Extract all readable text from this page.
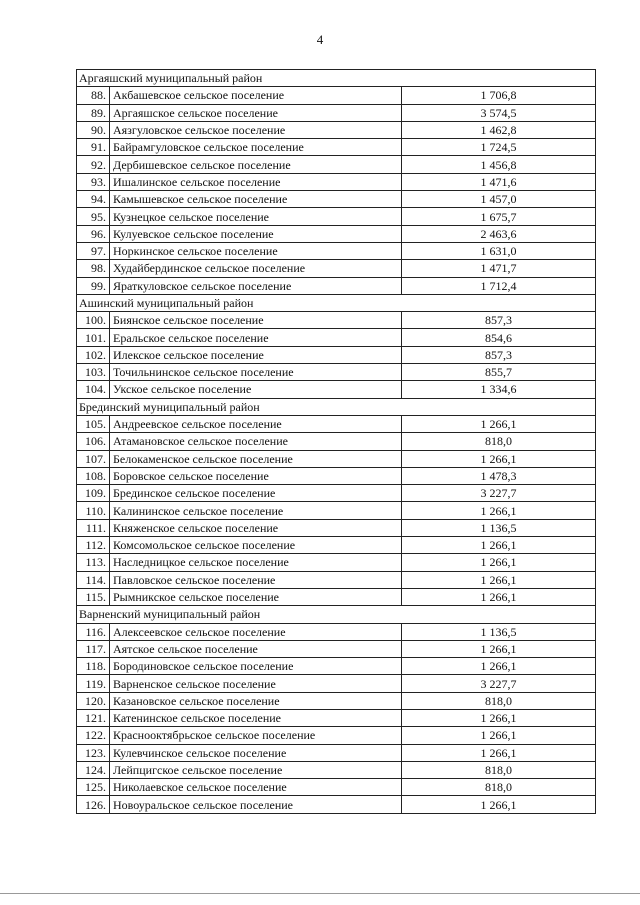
4
Аргаяшский муниципальный район		
88.	Акбашевское сельское поселение	1 706,8
89.	Аргаяшское сельское поселение	3 574,5
90.	Аязгуловское сельское поселение	1 462,8
91.	Байрамгуловское сельское поселение	1 724,5
92.	Дербишевское сельское поселение	1 456,8
93.	Ишалинское сельское поселение	1 471,6
94.	Камышевское сельское поселение	1 457,0
95.	Кузнецкое сельское поселение	1 675,7
96.	Кулуевское сельское поселение	2 463,6
97.	Норкинское сельское поселение	1 631,0
98.	Худайбердинское сельское поселение	1 471,7
99.	Яраткуловское сельское поселение	1 712,4
Ашинский муниципальный район		
100.	Биянское сельское поселение	857,3
101.	Еральское сельское поселение	854,6
102.	Илекское сельское поселение	857,3
103.	Точильнинское сельское поселение	855,7
104.	Укское сельское поселение	1 334,6
Брединский муниципальный район		
105.	Андреевское сельское поселение	1 266,1
106.	Атамановское сельское поселение	818,0
107.	Белокаменское сельское поселение	1 266,1
108.	Боровское сельское поселение	1 478,3
109.	Брединское сельское поселение	3 227,7
110.	Калининское сельское поселение	1 266,1
111.	Княженское сельское поселение	1 136,5
112.	Комсомольское сельское поселение	1 266,1
113.	Наследницкое сельское поселение	1 266,1
114.	Павловское сельское поселение	1 266,1
115.	Рымникское сельское поселение	1 266,1
Варненский муниципальный район		
116.	Алексеевское сельское поселение	1 136,5
117.	Аятское сельское поселение	1 266,1
118.	Бородиновское сельское поселение	1 266,1
119.	Варненское сельское поселение	3 227,7
120.	Казановское сельское поселение	818,0
121.	Катенинское сельское поселение	1 266,1
122.	Краснооктябрьское сельское поселение	1 266,1
123.	Кулевчинское сельское поселение	1 266,1
124.	Лейпцигское сельское поселение	818,0
125.	Николаевское сельское поселение	818,0
126.	Новоуральское сельское поселение	1 266,1
